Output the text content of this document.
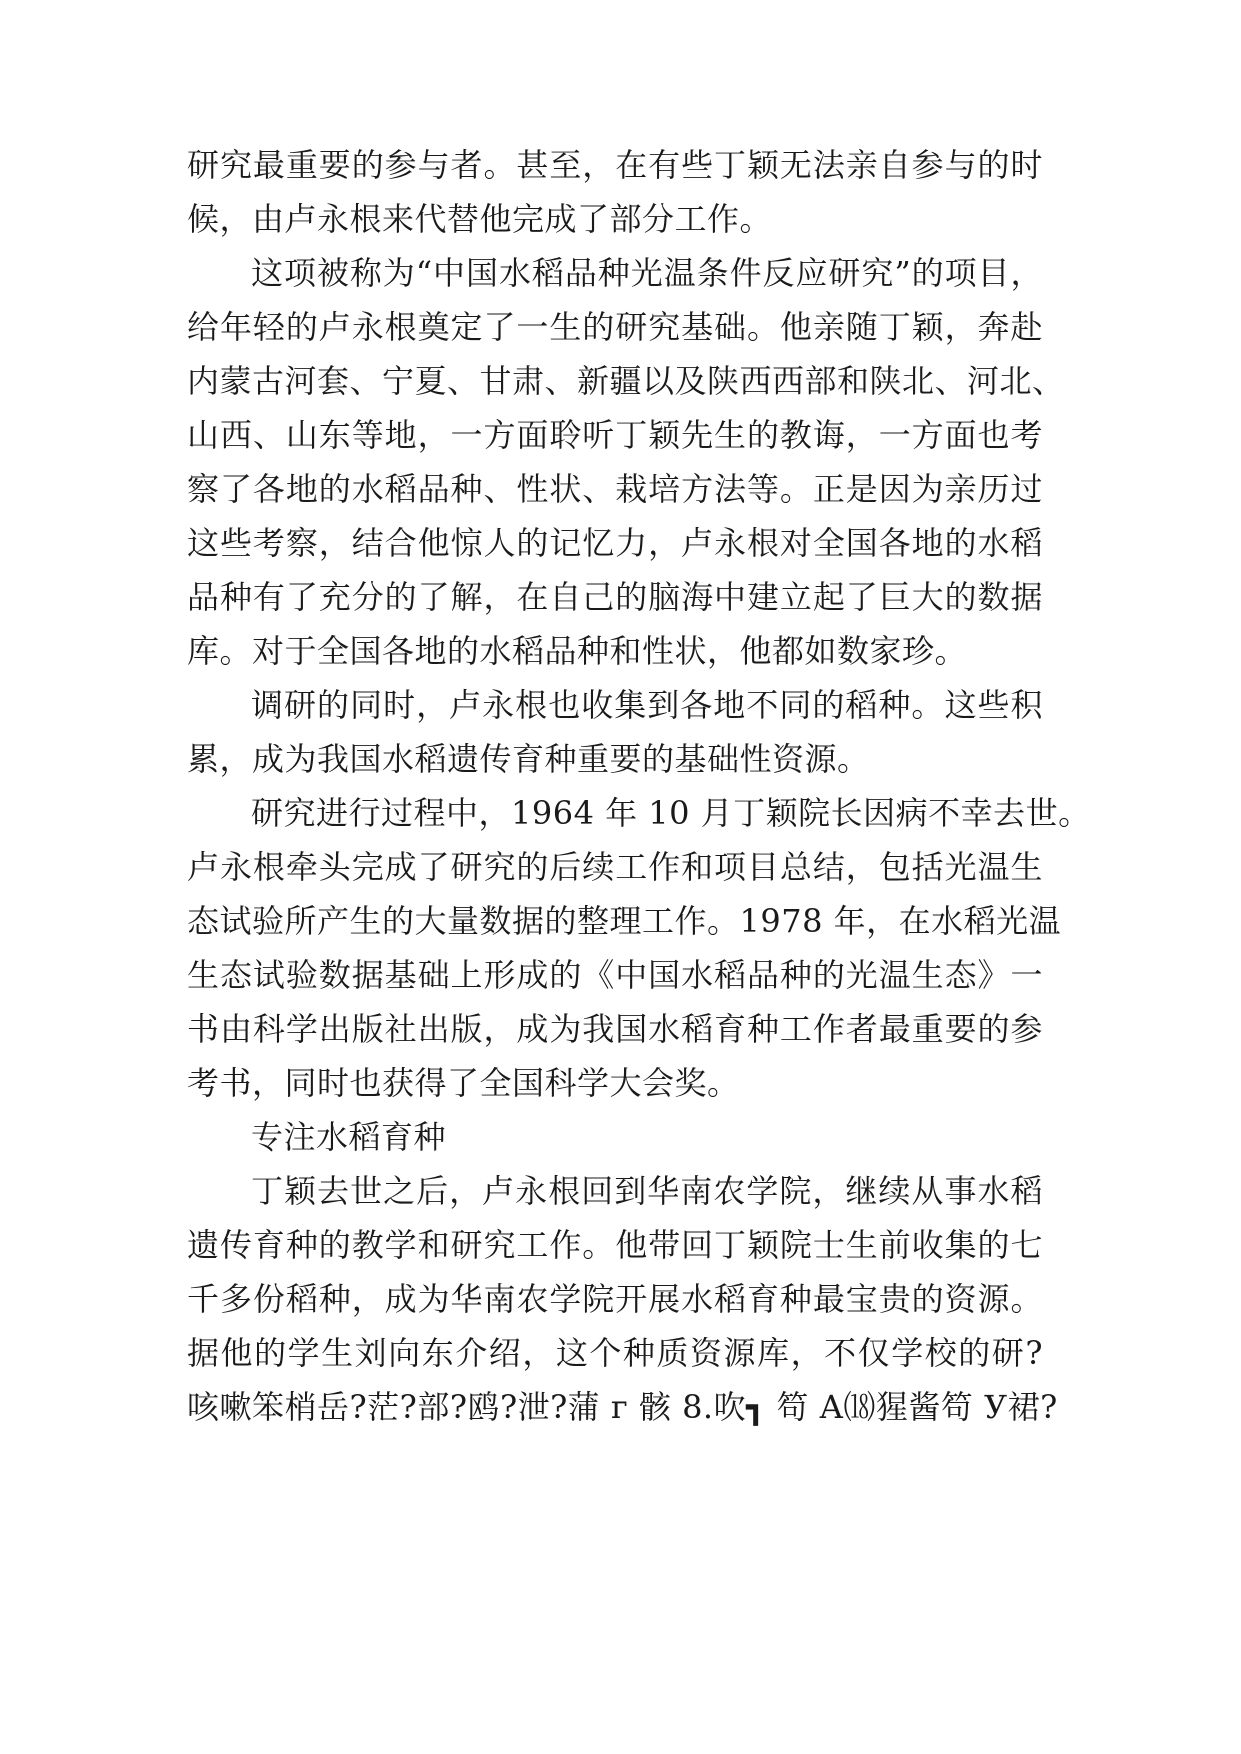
研究最重要的参与者。甚至，在有些丁颖无法亲自参与的时
候，由卢永根来代替他完成了部分工作。
这项被称为“中国水稻品种光温条件反应研究”的项目，
给年轻的卢永根奠定了一生的研究基础。他亲随丁颖，奔赴
内蒙古河套、宁夏、甘肃、新疆以及陕西西部和陕北、河北、
山西、山东等地，一方面聆听丁颖先生的教诲，一方面也考
察了各地的水稻品种、性状、栽培方法等。正是因为亲历过
这些考察，结合他惊人的记忆力，卢永根对全国各地的水稻
品种有了充分的了解，在自己的脑海中建立起了巨大的数据
库。对于全国各地的水稻品种和性状，他都如数家珍。
调研的同时，卢永根也收集到各地不同的稻种。这些积
累，成为我国水稻遗传育种重要的基础性资源。
研究进行过程中，1964 年 10 月丁颖院长因病不幸去世。
卢永根牵头完成了研究的后续工作和项目总结，包括光温生
态试验所产生的大量数据的整理工作。1978 年，在水稻光温
生态试验数据基础上形成的《中国水稻品种的光温生态》一
书由科学出版社出版，成为我国水稻育种工作者最重要的参
考书，同时也获得了全国科学大会奖。
专注水稻育种
丁颖去世之后，卢永根回到华南农学院，继续从事水稻
遗传育种的教学和研究工作。他带回丁颖院士生前收集的七
千多份稻种，成为华南农学院开展水稻育种最宝贵的资源。
据他的学生刘向东介绍，这个种质资源库，不仅学校的研?
咳嗽笨梢岳?茫?部?鸥?泄?蒲 г 骸 8.吹┓ 笱 A⒅猩酱笱 У裙?
